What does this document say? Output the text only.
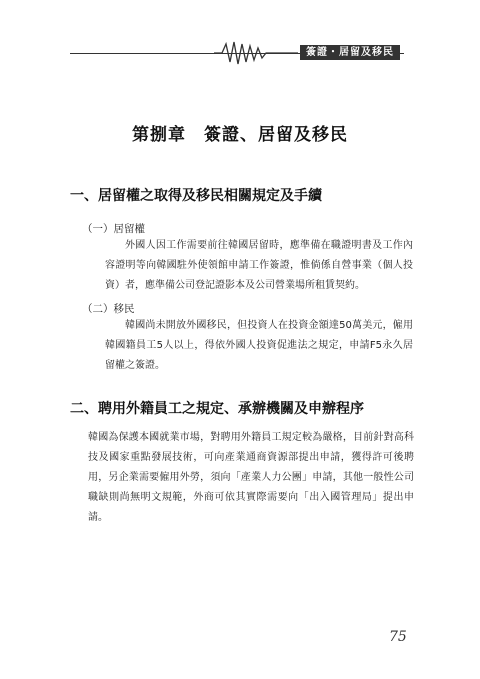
簽證・居留及移民
第捌章　簽證、居留及移民
一、居留權之取得及移民相關規定及手續
（一）居留權
外國人因工作需要前往韓國居留時，應準備在職證明書及工作內容證明等向韓國駐外使領館申請工作簽證，惟倘係自營事業（個人投資）者，應準備公司登記證影本及公司營業場所租賃契約。
（二）移民
韓國尚未開放外國移民，但投資人在投資金額達50萬美元，僱用韓國籍員工5人以上，得依外國人投資促進法之規定，申請F5永久居留權之簽證。
二、聘用外籍員工之規定、承辦機關及申辦程序
韓國為保護本國就業市場，對聘用外籍員工規定較為嚴格，目前針對高科技及國家重點發展技術，可向產業通商資源部提出申請，獲得許可後聘用，另企業需要僱用外勞，須向「產業人力公團」申請，其他一般性公司職缺則尚無明文規範，外商可依其實際需要向「出入國管理局」提出申請。
75
